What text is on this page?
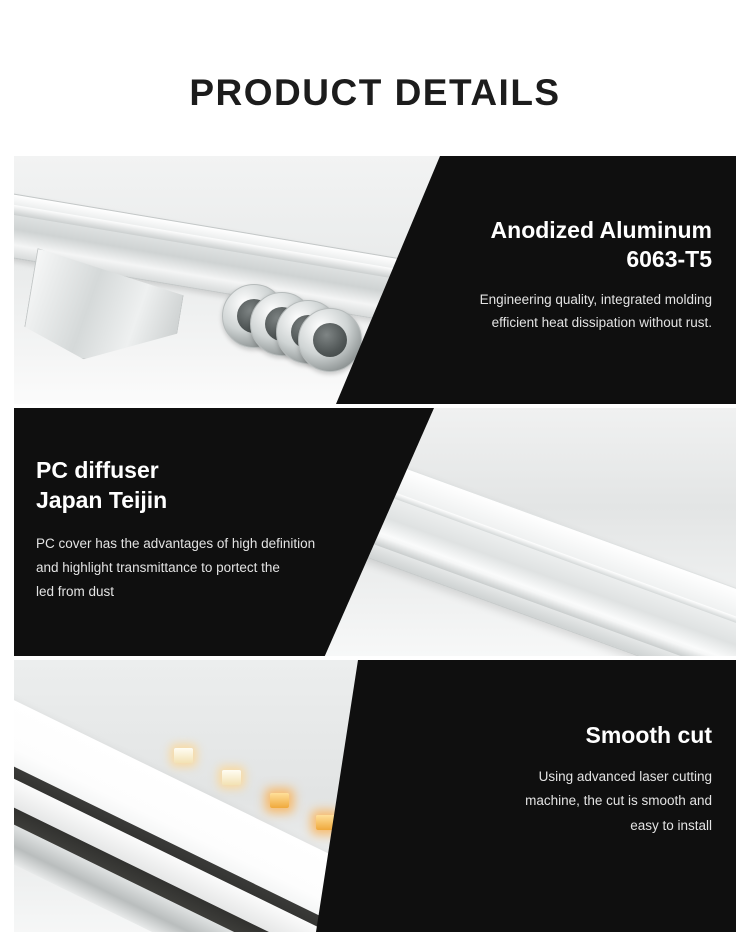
PRODUCT DETAILS
Anodized Aluminum
6063-T5
Engineering quality, integrated molding
efficient heat dissipation without rust.
PC diffuser
Japan Teijin
PC cover has the advantages of high definition
and highlight transmittance to portect the
led from dust
Smooth cut
Using advanced laser cutting
machine, the cut is smooth and
easy to install
